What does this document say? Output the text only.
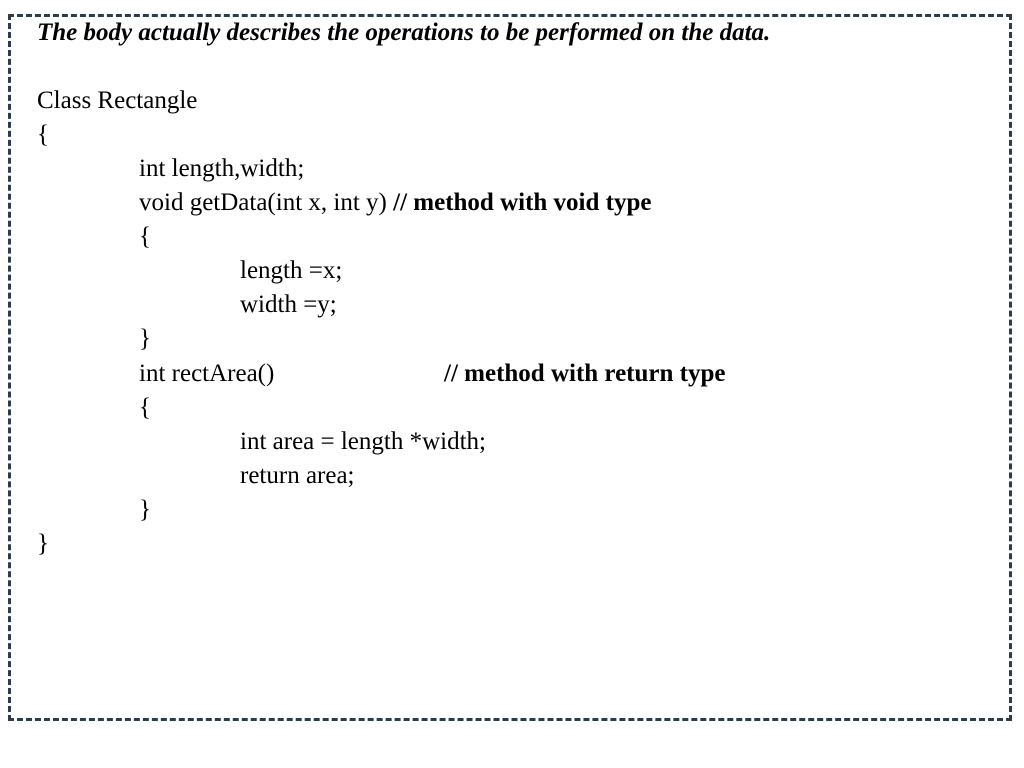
The body actually describes the operations to be performed on the data.
Class Rectangle
{
int length,width;
void getData(int x, int y) // method with void type
{
length =x;
width =y;
}
int rectArea()	// method with return type
{
int area = length *width;
return area;
}
}
